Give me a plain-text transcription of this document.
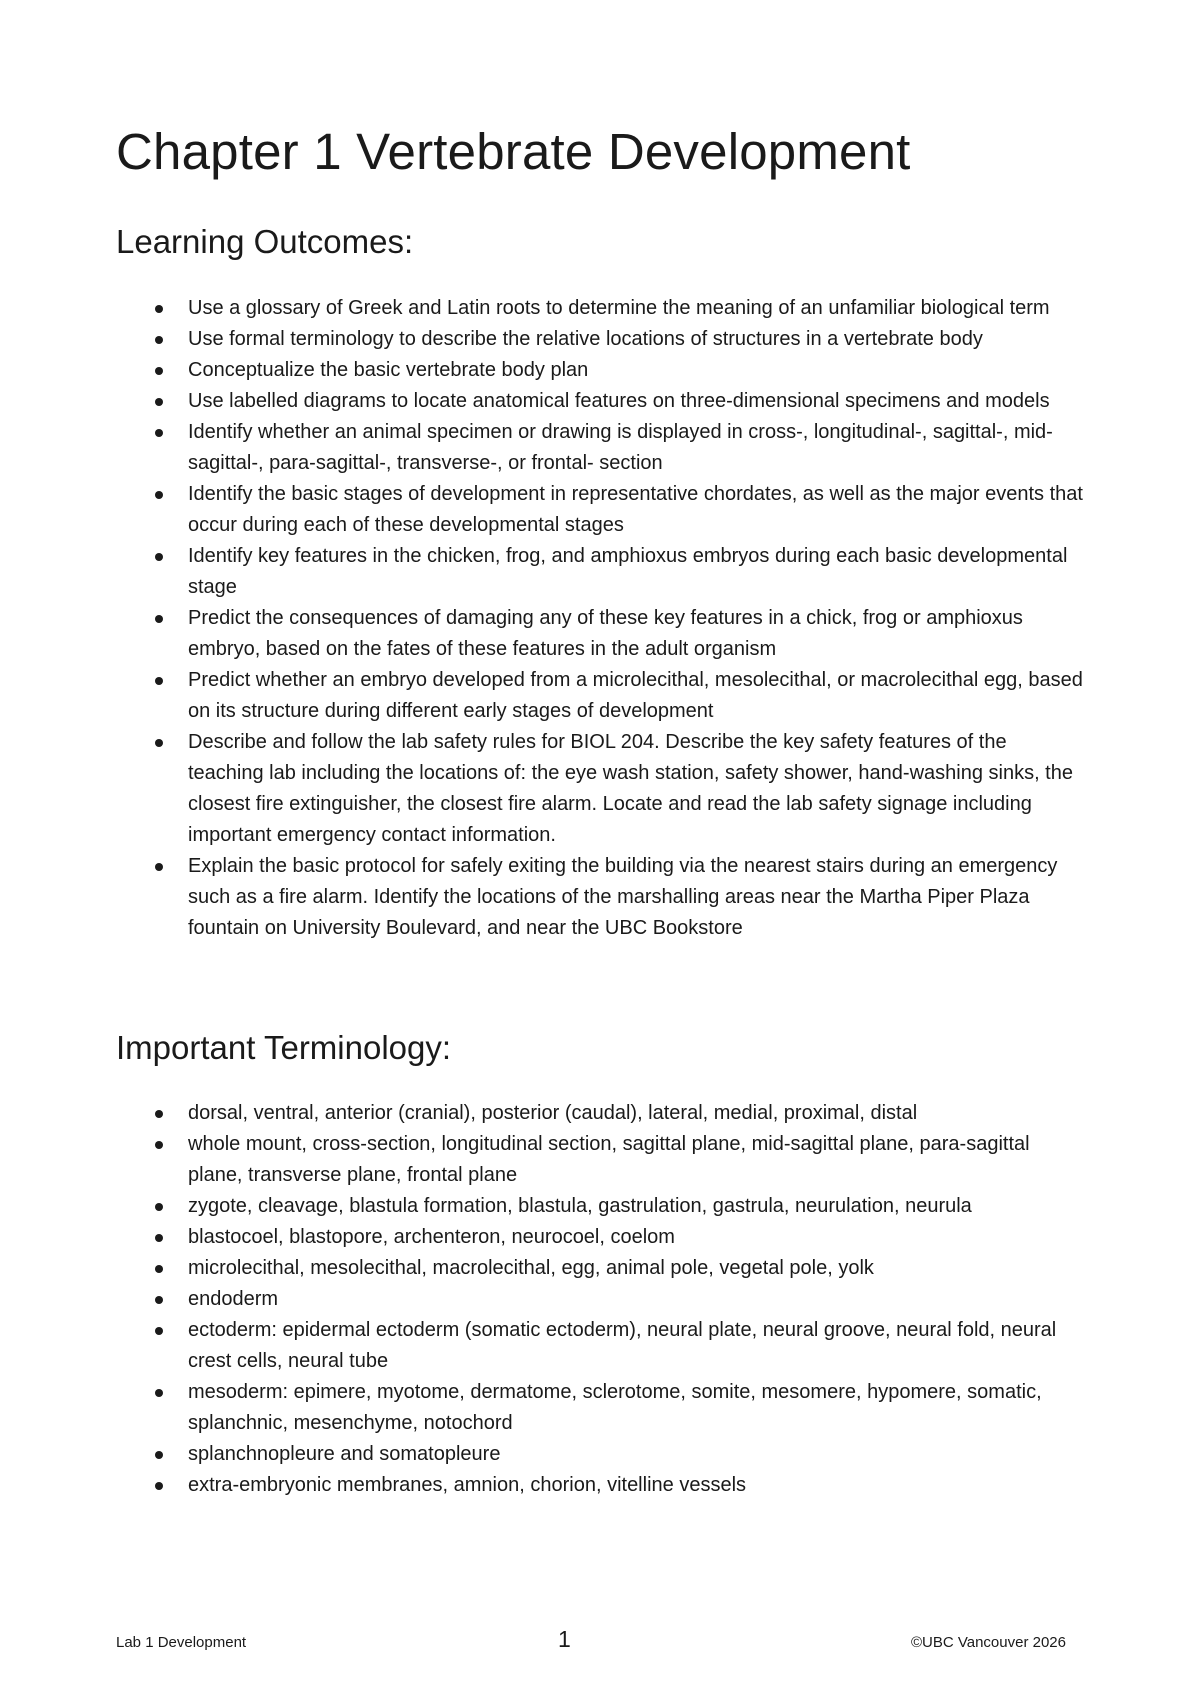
Chapter 1 Vertebrate Development
Learning Outcomes:
Use a glossary of Greek and Latin roots to determine the meaning of an unfamiliar biological term
Use formal terminology to describe the relative locations of structures in a vertebrate body
Conceptualize the basic vertebrate body plan
Use labelled diagrams to locate anatomical features on three-dimensional specimens and models
Identify whether an animal specimen or drawing is displayed in cross-, longitudinal-, sagittal-, mid-sagittal-, para-sagittal-, transverse-, or frontal- section
Identify the basic stages of development in representative chordates, as well as the major events that occur during each of these developmental stages
Identify key features in the chicken, frog, and amphioxus embryos during each basic developmental stage
Predict the consequences of damaging any of these key features in a chick, frog or amphioxus embryo, based on the fates of these features in the adult organism
Predict whether an embryo developed from a microlecithal, mesolecithal, or macrolecithal egg, based on its structure during different early stages of development
Describe and follow the lab safety rules for BIOL 204. Describe the key safety features of the teaching lab including the locations of: the eye wash station, safety shower, hand-washing sinks, the closest fire extinguisher, the closest fire alarm. Locate and read the lab safety signage including important emergency contact information.
Explain the basic protocol for safely exiting the building via the nearest stairs during an emergency such as a fire alarm. Identify the locations of the marshalling areas near the Martha Piper Plaza fountain on University Boulevard, and near the UBC Bookstore
Important Terminology:
dorsal, ventral, anterior (cranial), posterior (caudal), lateral, medial, proximal, distal
whole mount, cross-section, longitudinal section, sagittal plane, mid-sagittal plane, para-sagittal plane, transverse plane, frontal plane
zygote, cleavage, blastula formation, blastula, gastrulation, gastrula, neurulation, neurula
blastocoel, blastopore, archenteron, neurocoel, coelom
microlecithal, mesolecithal, macrolecithal, egg, animal pole, vegetal pole, yolk
endoderm
ectoderm: epidermal ectoderm (somatic ectoderm), neural plate, neural groove, neural fold, neural crest cells, neural tube
mesoderm: epimere, myotome, dermatome, sclerotome, somite, mesomere, hypomere, somatic, splanchnic, mesenchyme, notochord
splanchnopleure and somatopleure
extra-embryonic membranes, amnion, chorion, vitelline vessels
Lab 1 Development	1	©UBC Vancouver 2026
